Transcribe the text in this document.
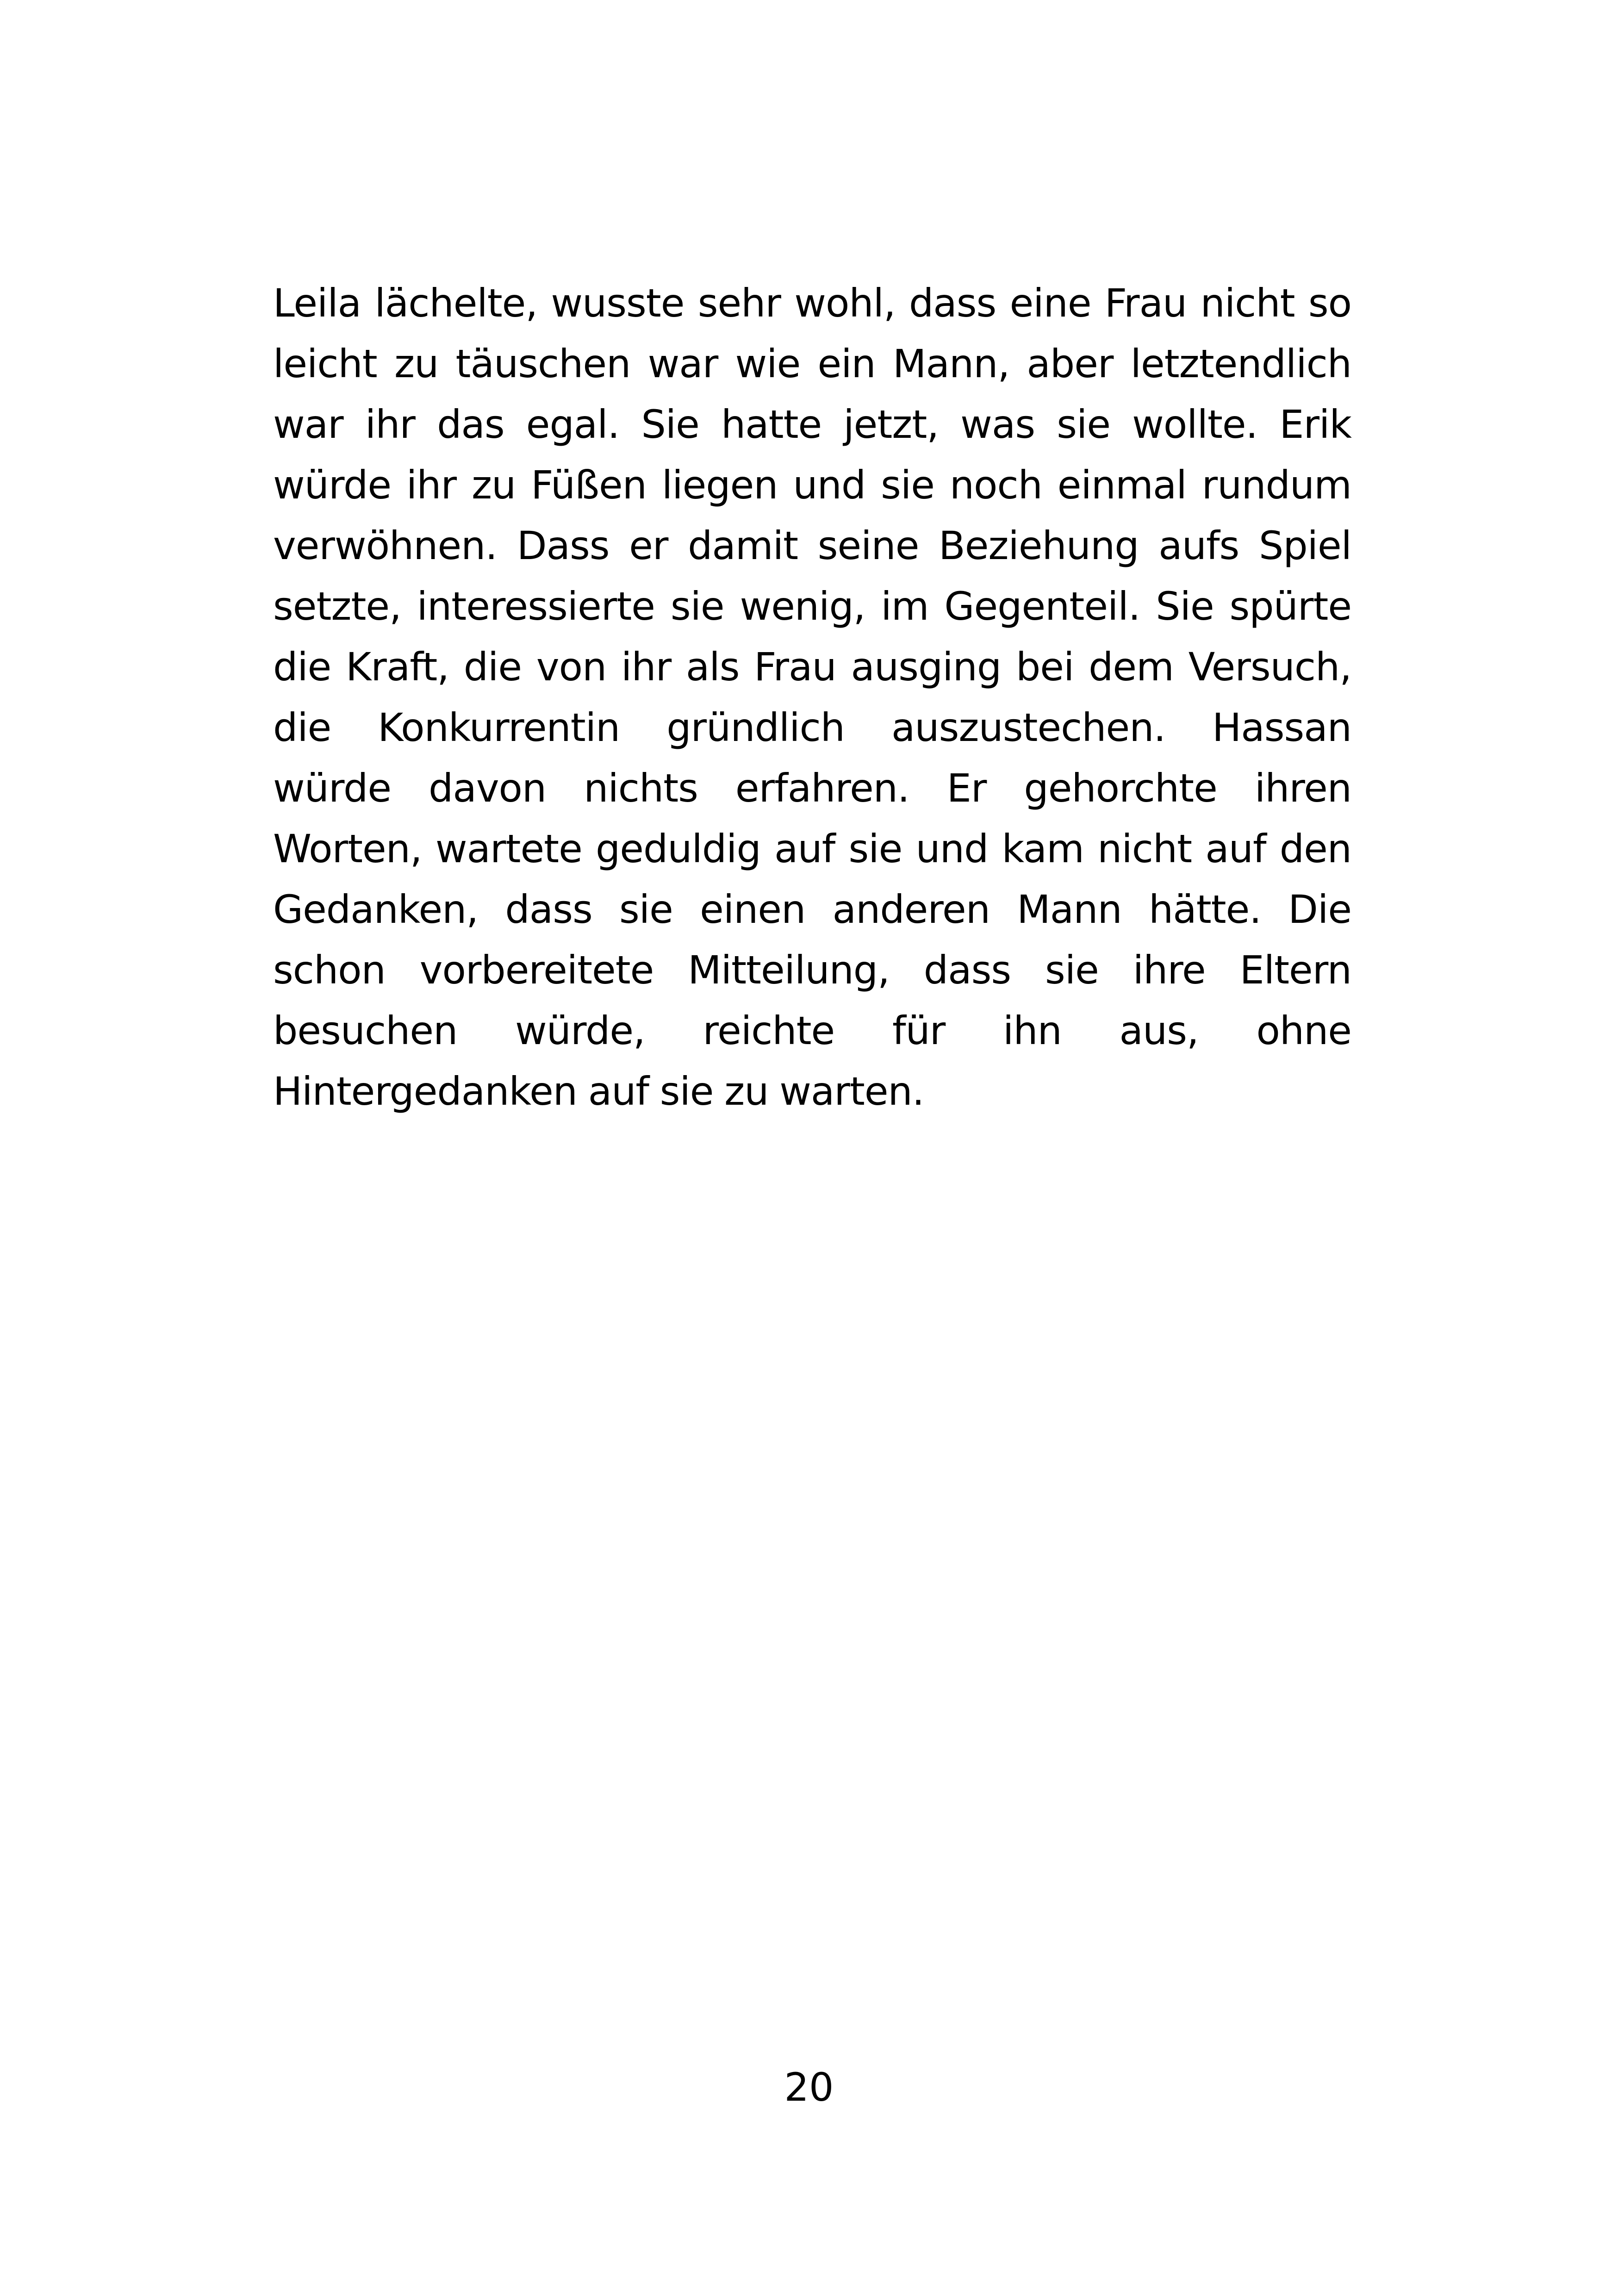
Leila lächelte, wusste sehr wohl, dass eine Frau nicht so
leicht zu täuschen war wie ein Mann, aber letztendlich
war ihr das egal. Sie hatte jetzt, was sie wollte. Erik
würde ihr zu Füßen liegen und sie noch einmal rundum
verwöhnen. Dass er damit seine Beziehung aufs Spiel
setzte, interessierte sie wenig, im Gegenteil. Sie spürte
die Kraft, die von ihr als Frau ausging bei dem Versuch,
die Konkurrentin gründlich auszustechen. Hassan
würde davon nichts erfahren. Er gehorchte ihren
Worten, wartete geduldig auf sie und kam nicht auf den
Gedanken, dass sie einen anderen Mann hätte. Die
schon vorbereitete Mitteilung, dass sie ihre Eltern
besuchen würde, reichte für ihn aus, ohne
Hintergedanken auf sie zu warten.
20
